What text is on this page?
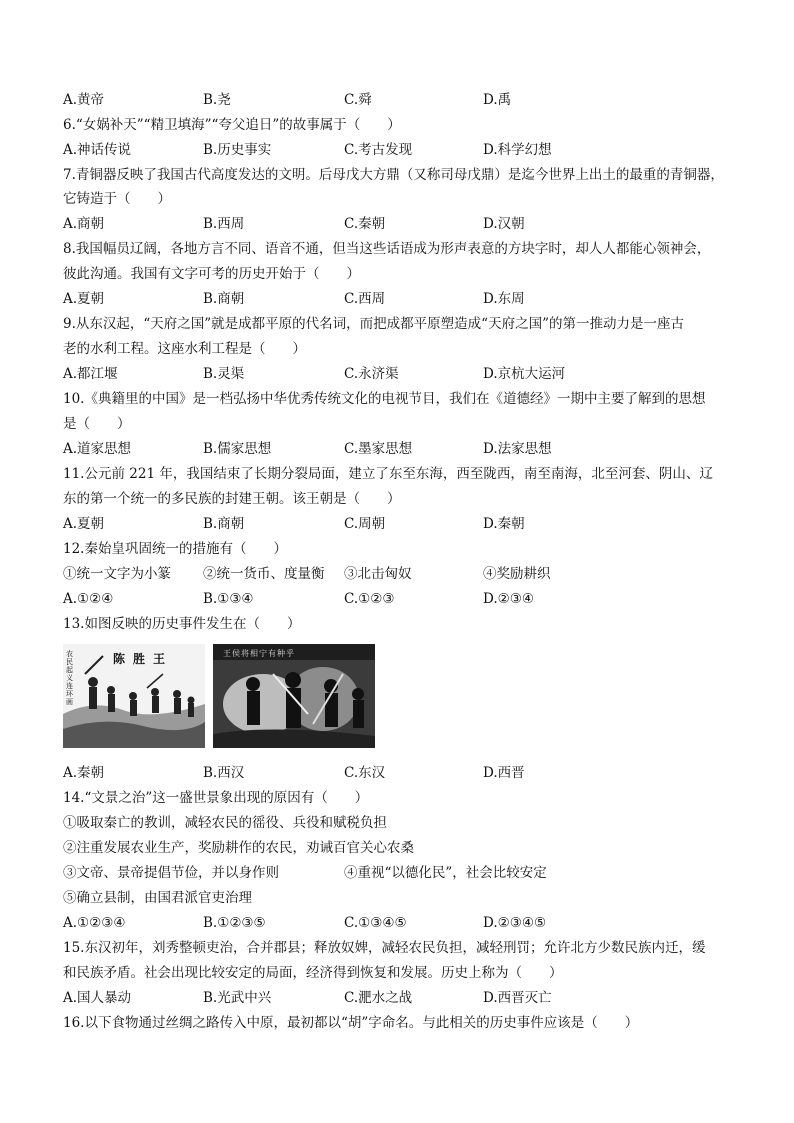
A.黄帝	B.尧	C.舜	D.禹
6.“女娲补天”“精卫填海”“夸父追日”的故事属于（　　）
A.神话传说	B.历史事实	C.考古发现	D.科学幻想
7.青铜器反映了我国古代高度发达的文明。后母戊大方鼎（又称司母戊鼎）是迄今世界上出土的最重的青铜器，
它铸造于（　　）
A.商朝	B.西周	C.秦朝	D.汉朝
8.我国幅员辽阔，各地方言不同、语音不通，但当这些话语成为形声表意的方块字时，却人人都能心领神会，
彼此沟通。我国有文字可考的历史开始于（　　）
A.夏朝	B.商朝	C.西周	D.东周
9.从东汉起，“天府之国”就是成都平原的代名词，而把成都平原塑造成“天府之国”的第一推动力是一座古
老的水利工程。这座水利工程是（　　）
A.都江堰	B.灵渠	C.永济渠	D.京杭大运河
10.《典籍里的中国》是一档弘扬中华优秀传统文化的电视节目，我们在《道德经》一期中主要了解到的思想
是（　　）
A.道家思想	B.儒家思想	C.墨家思想	D.法家思想
11.公元前 221 年，我国结束了长期分裂局面，建立了东至东海，西至陇西，南至南海，北至河套、阴山、辽
东的第一个统一的多民族的封建王朝。该王朝是（　　）
A.夏朝	B.商朝	C.周朝	D.秦朝
12.秦始皇巩固统一的措施有（　　）
①统一文字为小篆 ②统一货币、度量衡 ③北击匈奴	④奖励耕织
A.①②④	B.①③④	C.①②③	D.②③④
13.如图反映的历史事件发生在（　　）
农民起义连环画
陈胜王	王侯将相宁有种乎
A.秦朝	B.西汉	C.东汉	D.西晋
14.“文景之治”这一盛世景象出现的原因有（　　）
①吸取秦亡的教训，减轻农民的徭役、兵役和赋税负担
②注重发展农业生产，奖励耕作的农民，劝诫百官关心农桑
③文帝、景帝提倡节俭，并以身作则	④重视“以德化民”，社会比较安定
⑤确立县制，由国君派官吏治理
A.①②③④	B.①②③⑤	C.①③④⑤	D.②③④⑤
15.东汉初年，刘秀整顿吏治，合并郡县；释放奴婢，减轻农民负担，减轻刑罚；允许北方少数民族内迁，缓
和民族矛盾。社会出现比较安定的局面，经济得到恢复和发展。历史上称为（　　）
A.国人暴动	B.光武中兴	C.淝水之战	D.西晋灭亡
16.以下食物通过丝绸之路传入中原，最初都以“胡”字命名。与此相关的历史事件应该是（　　）
